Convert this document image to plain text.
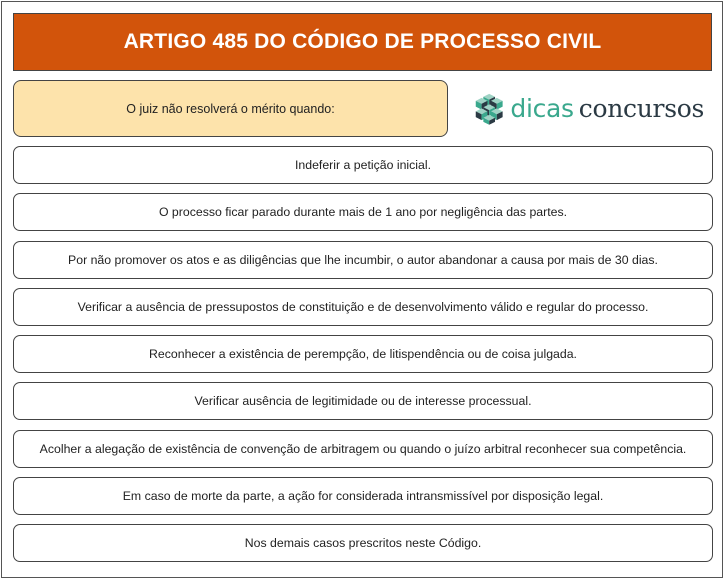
ARTIGO 485 DO CÓDIGO DE PROCESSO CIVIL
O juiz não resolverá o mérito quando:	dicas concursos
Indeferir a petição inicial.
O processo ficar parado durante mais de 1 ano por negligência das partes.
Por não promover os atos e as diligências que lhe incumbir, o autor abandonar a causa por mais de 30 dias.
Verificar a ausência de pressupostos de constituição e de desenvolvimento válido e regular do processo.
Reconhecer a existência de perempção, de litispendência ou de coisa julgada.
Verificar ausência de legitimidade ou de interesse processual.
Acolher a alegação de existência de convenção de arbitragem ou quando o juízo arbitral reconhecer sua competência.
Em caso de morte da parte, a ação for considerada intransmissível por disposição legal.
Nos demais casos prescritos neste Código.
